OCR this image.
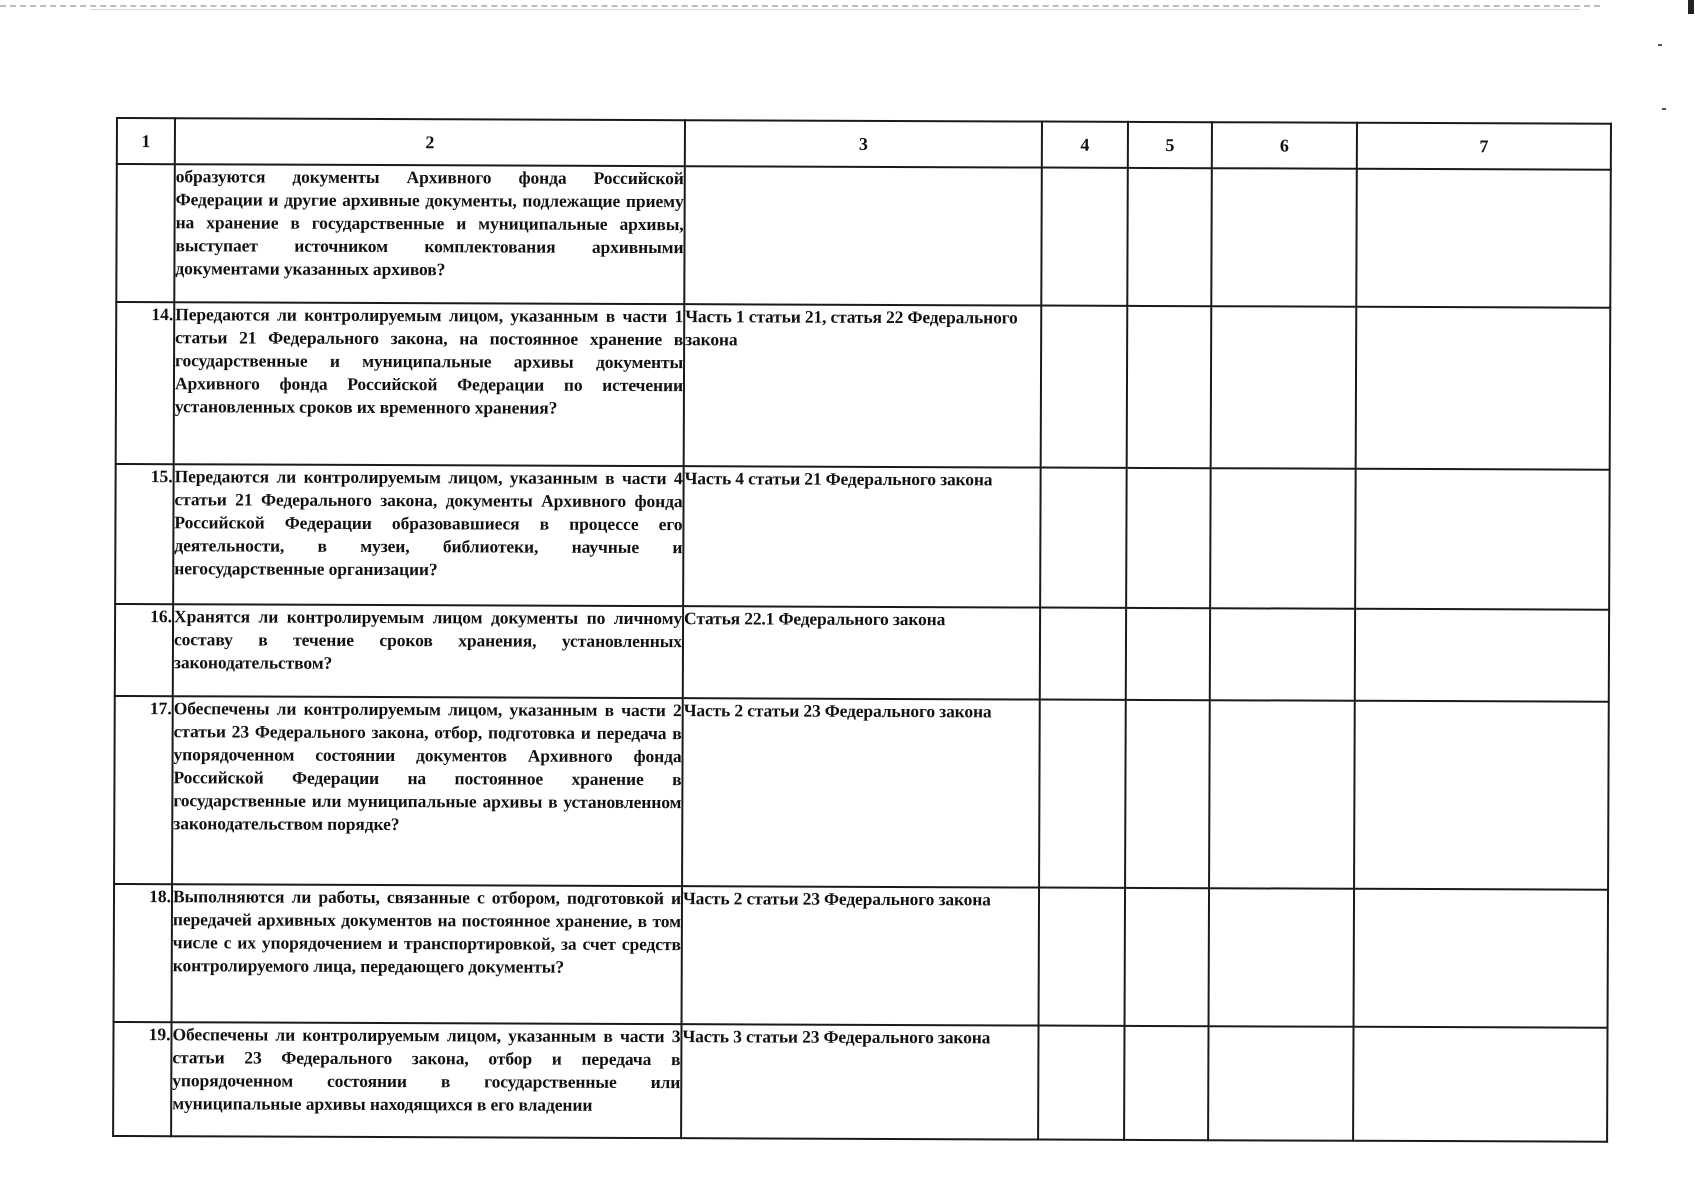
1	2	3	4	5	6	7
	образуются документы Архивного фонда Российской Федерации и другие архивные документы, подлежащие приему на хранение в государственные и муниципальные архивы, выступает источником комплектования архивными документами указанных архивов?					
14.	Передаются ли контролируемым лицом, указанным в части 1 статьи 21 Федерального закона, на постоянное хранение в государственные и муниципальные архивы документы Архивного фонда Российской Федерации по истечении установленных сроков их временного хранения?	Часть 1 статьи 21, статья 22 Федерального закона				
15.	Передаются ли контролируемым лицом, указанным в части 4 статьи 21 Федерального закона, документы Архивного фонда Российской Федерации образовавшиеся в процессе его деятельности, в музеи, библиотеки, научные и негосударственные организации?	Часть 4 статьи 21 Федерального закона				
16.	Хранятся ли контролируемым лицом документы по личному составу в течение сроков хранения, установленных законодательством?	Статья 22.1 Федерального закона				
17.	Обеспечены ли контролируемым лицом, указанным в части 2 статьи 23 Федерального закона, отбор, подготовка и передача в упорядоченном состоянии документов Архивного фонда Российской Федерации на постоянное хранение в государственные или муниципальные архивы в установленном законодательством порядке?	Часть 2 статьи 23 Федерального закона				
18.	Выполняются ли работы, связанные с отбором, подготовкой и передачей архивных документов на постоянное хранение, в том числе с их упорядочением и транспортировкой, за счет средств контролируемого лица, передающего документы?	Часть 2 статьи 23 Федерального закона				
19.	Обеспечены ли контролируемым лицом, указанным в части 3 статьи 23 Федерального закона, отбор и передача в упорядоченном состоянии в государственные или муниципальные архивы находящихся в его владении	Часть 3 статьи 23 Федерального закона				
